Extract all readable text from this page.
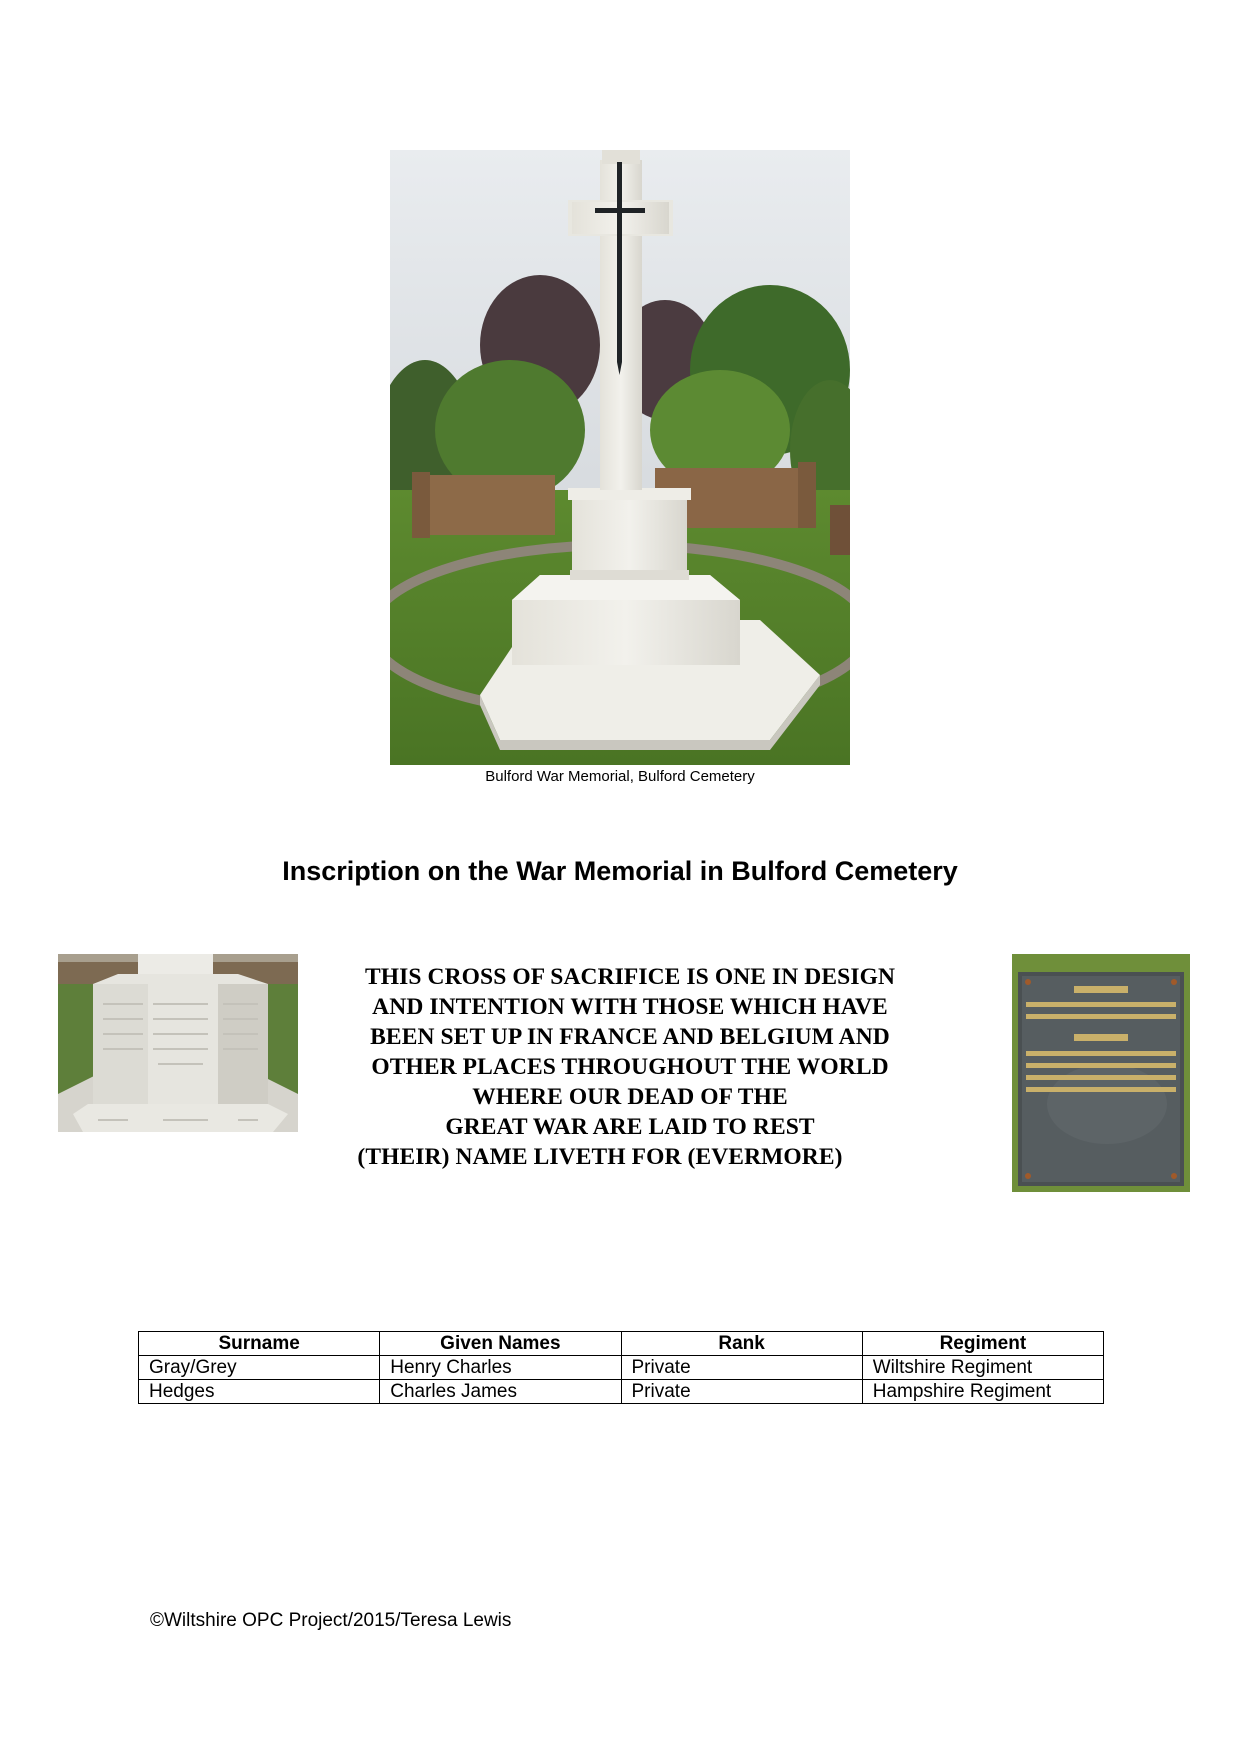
Bulford War Memorial, Bulford Cemetery
Inscription on the War Memorial in Bulford Cemetery
THIS CROSS OF SACRIFICE IS ONE IN DESIGN
AND INTENTION WITH THOSE WHICH HAVE
BEEN SET UP IN FRANCE AND BELGIUM AND
OTHER PLACES THROUGHOUT THE WORLD
WHERE OUR DEAD OF THE
GREAT WAR ARE LAID TO REST
(THEIR) NAME LIVETH FOR (EVERMORE)
Surname	Given Names	Rank	Regiment
Gray/Grey	Henry Charles	Private	Wiltshire Regiment
Hedges	Charles James	Private	Hampshire Regiment
©Wiltshire OPC Project/2015/Teresa Lewis
